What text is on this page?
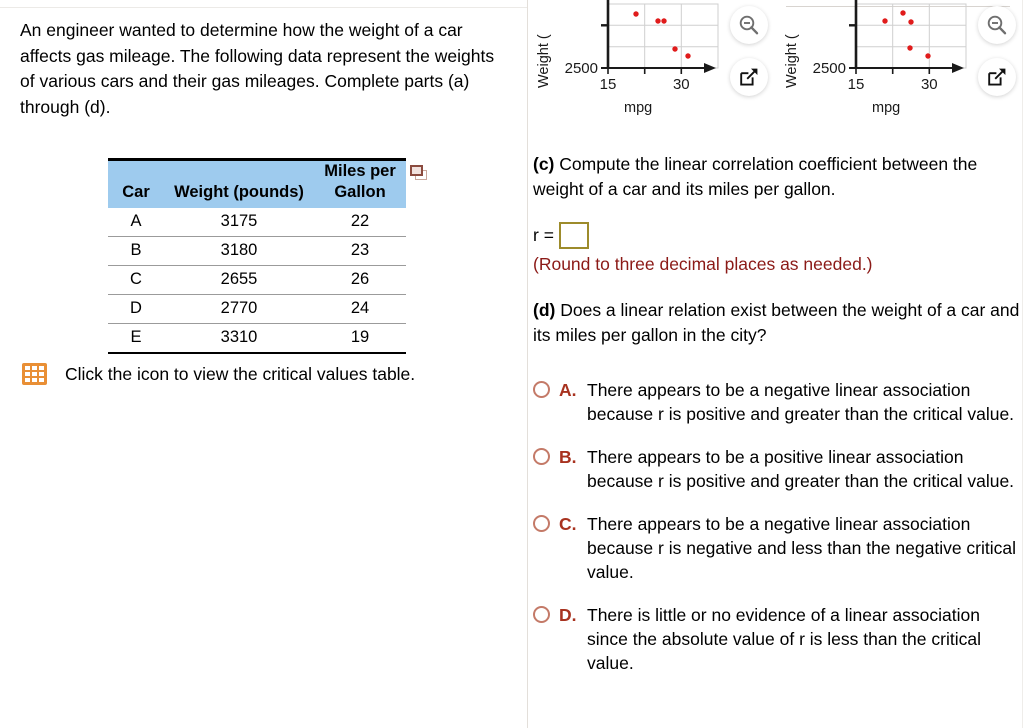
An engineer wanted to determine how the weight of a car affects gas mileage. The following data represent the weights of various cars and their gas mileages. Complete parts (a) through (d).
Car	Weight (pounds)	Miles per
Gallon

A	3175	22
B	3180	23
C	2655	26
D	2770	24
E	3310	19
Click the icon to view the critical values table.
Weight ( 2500
15	30
mpg
Weight ( 2500
15	30
mpg
(c) Compute the linear correlation coefficient between the weight of a car and its miles per gallon.
r =
(Round to three decimal places as needed.)
(d) Does a linear relation exist between the weight of a car and its miles per gallon in the city?
A. There appears to be a negative linear association because r is positive and greater than the critical value.
B. There appears to be a positive linear association because r is positive and greater than the critical value.
C. There appears to be a negative linear association because r is negative and less than the negative critical value.
D. There is little or no evidence of a linear association since the absolute value of r is less than the critical value.
